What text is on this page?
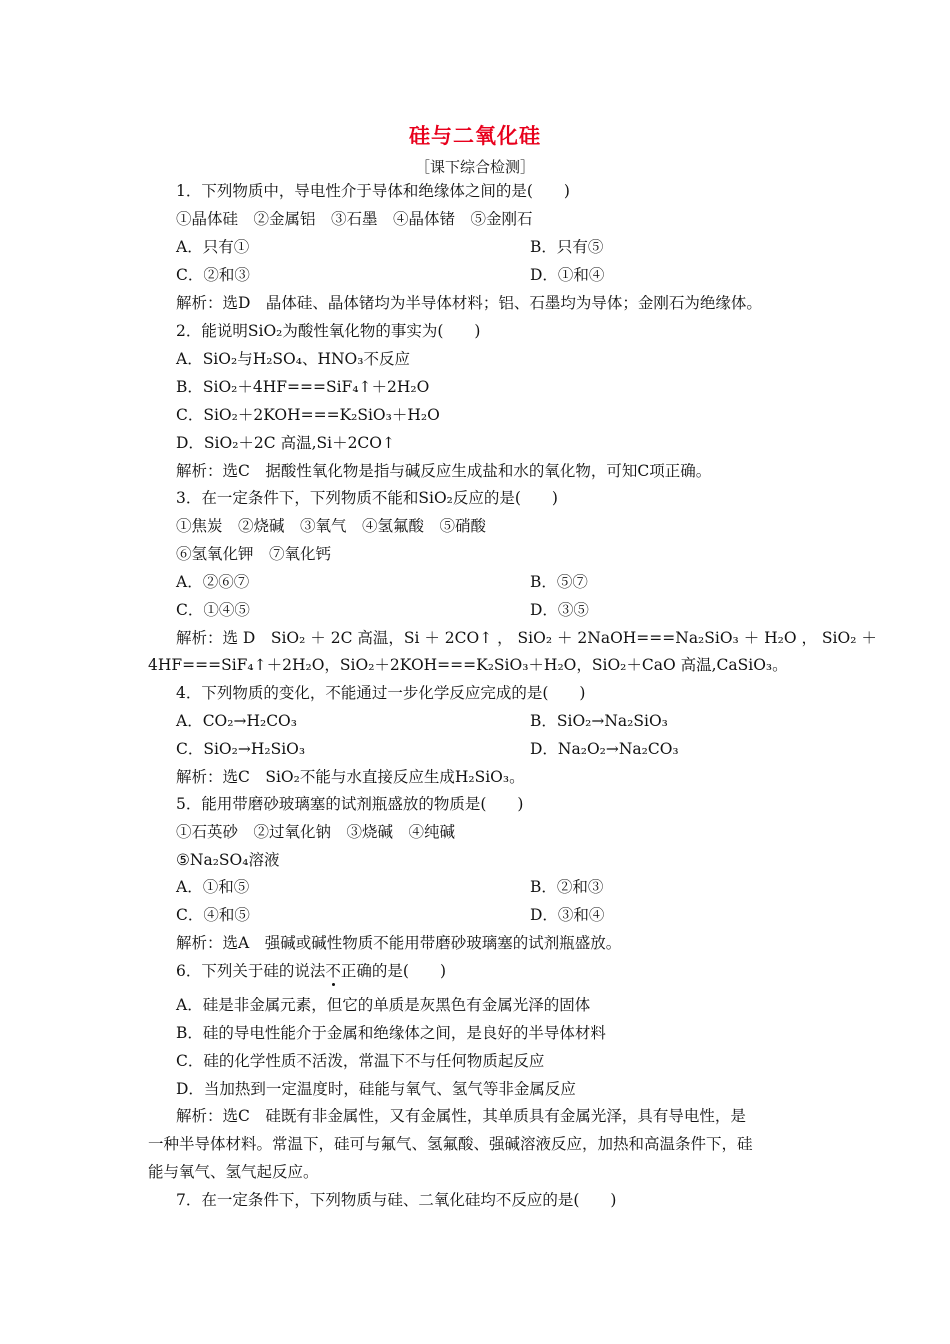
硅与二氧化硅
［课下综合检测］
1．下列物质中，导电性介于导体和绝缘体之间的是(　　)
①晶体硅　②金属铝　③石墨　④晶体锗　⑤金刚石
A．只有①	B．只有⑤
C．②和③	D．①和④
解析：选D　晶体硅、晶体锗均为半导体材料；铝、石墨均为导体；金刚石为绝缘体。
2．能说明SiO₂为酸性氧化物的事实为(　　)
A．SiO₂与H₂SO₄、HNO₃不反应
B．SiO₂＋4HF===SiF₄↑＋2H₂O
C．SiO₂＋2KOH===K₂SiO₃＋H₂O
D．SiO₂＋2C 高温,Si＋2CO↑
解析：选C　据酸性氧化物是指与碱反应生成盐和水的氧化物，可知C项正确。
3．在一定条件下，下列物质不能和SiO₂反应的是(　　)
①焦炭　②烧碱　③氧气　④氢氟酸　⑤硝酸
⑥氢氧化钾　⑦氧化钙
A．②⑥⑦	B．⑤⑦
C．①④⑤	D．③⑤
解析：选 D　SiO₂ ＋ 2C 高温，Si ＋ 2CO↑ ， SiO₂ ＋ 2NaOH===Na₂SiO₃ ＋ H₂O ， SiO₂ ＋
4HF===SiF₄↑＋2H₂O，SiO₂＋2KOH===K₂SiO₃＋H₂O，SiO₂＋CaO 高温,CaSiO₃。
4．下列物质的变化，不能通过一步化学反应完成的是(　　)
A．CO₂→H₂CO₃	B．SiO₂→Na₂SiO₃
C．SiO₂→H₂SiO₃	D．Na₂O₂→Na₂CO₃
解析：选C　SiO₂不能与水直接反应生成H₂SiO₃。
5．能用带磨砂玻璃塞的试剂瓶盛放的物质是(　　)
①石英砂　②过氧化钠　③烧碱　④纯碱
⑤Na₂SO₄溶液
A．①和⑤	B．②和③
C．④和⑤	D．③和④
解析：选A　强碱或碱性物质不能用带磨砂玻璃塞的试剂瓶盛放。
6．下列关于硅的说法不正确的是(　　)
A．硅是非金属元素，但它的单质是灰黑色有金属光泽的固体
B．硅的导电性能介于金属和绝缘体之间，是良好的半导体材料
C．硅的化学性质不活泼，常温下不与任何物质起反应
D．当加热到一定温度时，硅能与氧气、氢气等非金属反应
解析：选C　硅既有非金属性，又有金属性，其单质具有金属光泽，具有导电性，是
一种半导体材料。常温下，硅可与氟气、氢氟酸、强碱溶液反应，加热和高温条件下，硅
能与氧气、氢气起反应。
7．在一定条件下，下列物质与硅、二氧化硅均不反应的是(　　)
